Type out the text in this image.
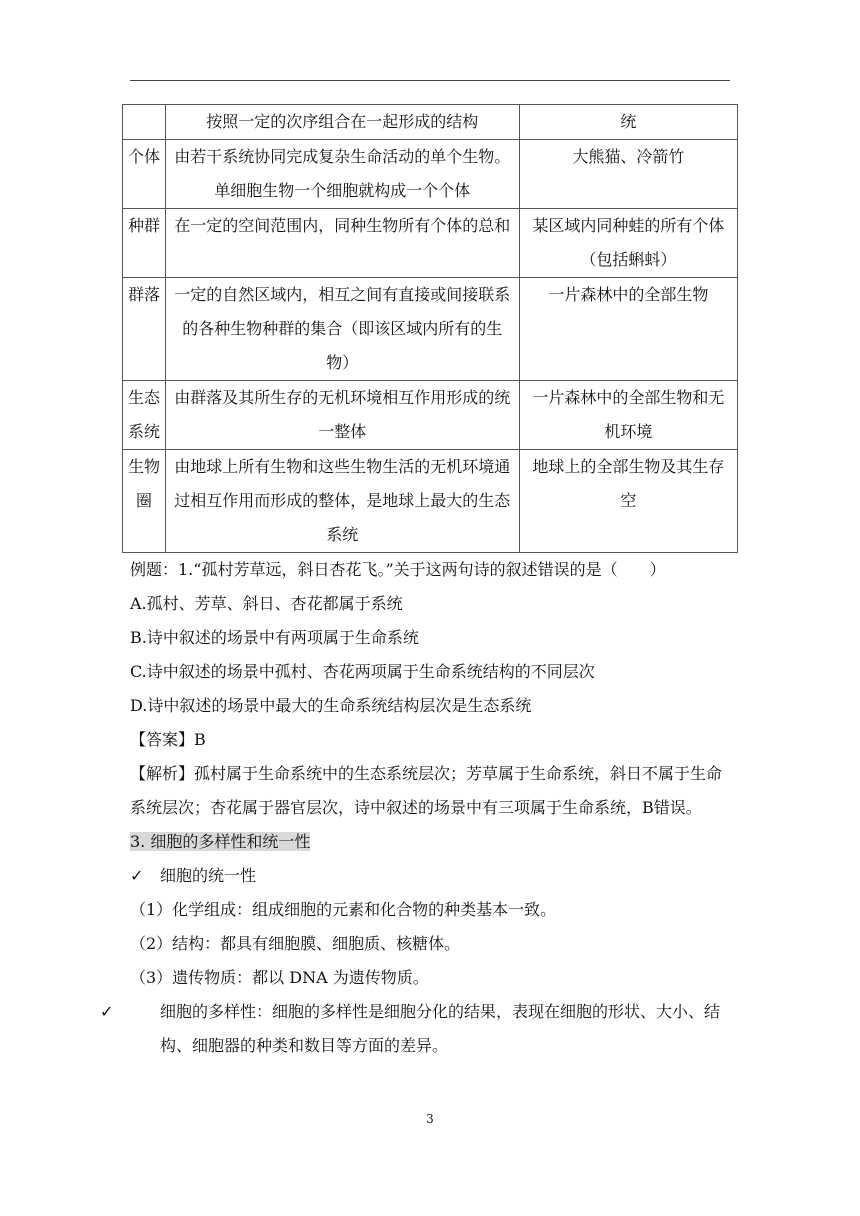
	按照一定的次序组合在一起形成的结构	统
个体	由若干系统协同完成复杂生命活动的单个生物。单细胞生物一个细胞就构成一个个体	大熊猫、冷箭竹
种群	在一定的空间范围内，同种生物所有个体的总和	某区域内同种蛙的所有个体（包括蝌蚪）
群落	一定的自然区域内，相互之间有直接或间接联系的各种生物种群的集合（即该区域内所有的生物）	一片森林中的全部生物
生态系统	由群落及其所生存的无机环境相互作用形成的统一整体	一片森林中的全部生物和无机环境
生物圈	由地球上所有生物和这些生物生活的无机环境通过相互作用而形成的整体，是地球上最大的生态系统	地球上的全部生物及其生存空

例题：1.“孤村芳草远，斜日杏花飞。”关于这两句诗的叙述错误的是（　　）

A.孤村、芳草、斜日、杏花都属于系统

B.诗中叙述的场景中有两项属于生命系统

C.诗中叙述的场景中孤村、杏花两项属于生命系统结构的不同层次

D.诗中叙述的场景中最大的生命系统结构层次是生态系统

【答案】B

【解析】孤村属于生命系统中的生态系统层次；芳草属于生命系统，斜日不属于生命系统层次；杏花属于器官层次，诗中叙述的场景中有三项属于生命系统，B错误。

3. 细胞的多样性和统一性

✓ 细胞的统一性

（1）化学组成：组成细胞的元素和化合物的种类基本一致。

（2）结构：都具有细胞膜、细胞质、核糖体。

（3）遗传物质：都以 DNA 为遗传物质。

✓	细胞的多样性：细胞的多样性是细胞分化的结果，表现在细胞的形状、大小、结构、细胞器的种类和数目等方面的差异。

3
